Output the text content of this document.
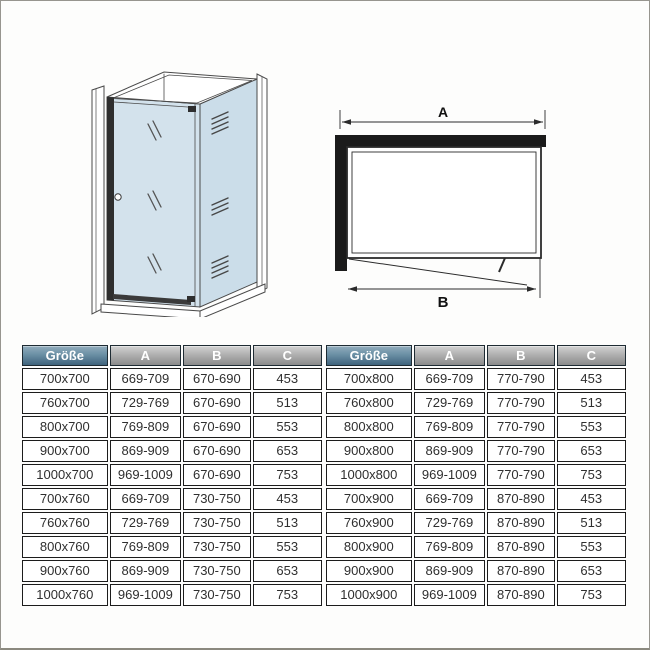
A
B
Größe	A	B	C
700x700	669-709	670-690	453
760x700	729-769	670-690	513
800x700	769-809	670-690	553
900x700	869-909	670-690	653
1000x700	969-1009	670-690	753
700x760	669-709	730-750	453
760x760	729-769	730-750	513
800x760	769-809	730-750	553
900x760	869-909	730-750	653
1000x760	969-1009	730-750	753
Größe	A	B	C
700x800	669-709	770-790	453
760x800	729-769	770-790	513
800x800	769-809	770-790	553
900x800	869-909	770-790	653
1000x800	969-1009	770-790	753
700x900	669-709	870-890	453
760x900	729-769	870-890	513
800x900	769-809	870-890	553
900x900	869-909	870-890	653
1000x900	969-1009	870-890	753
